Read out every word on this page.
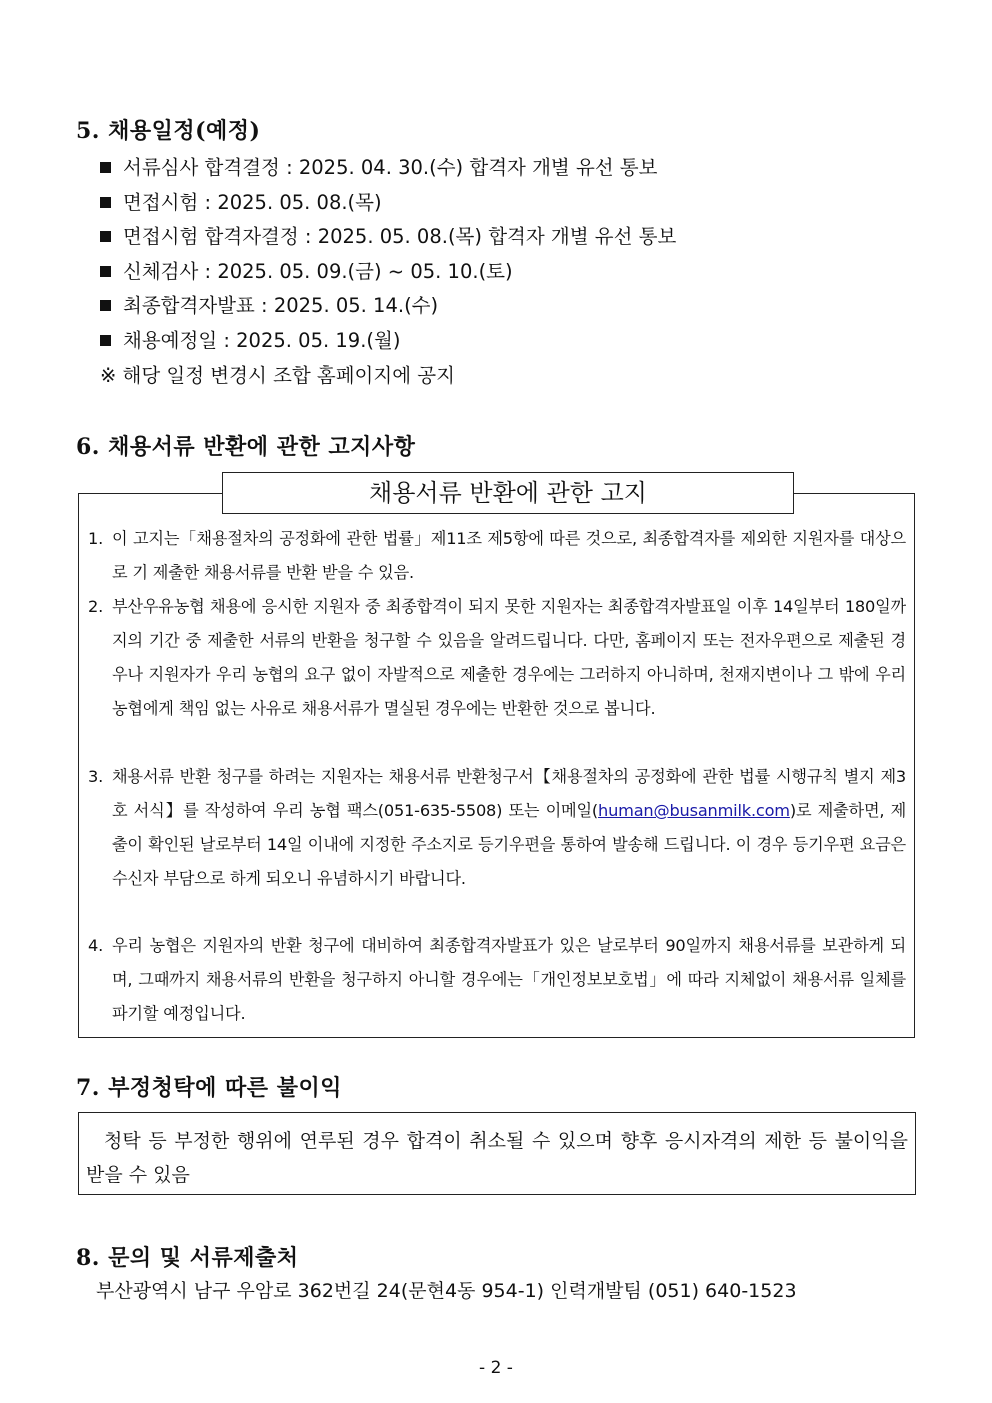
5. 채용일정(예정)
서류심사 합격결정 : 2025. 04. 30.(수) 합격자 개별 유선 통보
면접시험 : 2025. 05. 08.(목)
면접시험 합격자결정 : 2025. 05. 08.(목) 합격자 개별 유선 통보
신체검사 : 2025. 05. 09.(금) ~ 05. 10.(토)
최종합격자발표 : 2025. 05. 14.(수)
채용예정일 : 2025. 05. 19.(월)
※ 해당 일정 변경시 조합 홈페이지에 공지
6. 채용서류 반환에 관한 고지사항
채용서류 반환에 관한 고지
1. 이 고지는「채용절차의 공정화에 관한 법률」제11조 제5항에 따른 것으로, 최종합격자를 제외한 지원자를 대상으로 기 제출한 채용서류를 반환 받을 수 있음.
2. 부산우유농협 채용에 응시한 지원자 중 최종합격이 되지 못한 지원자는 최종합격자발표일 이후 14일부터 180일까지의 기간 중 제출한 서류의 반환을 청구할 수 있음을 알려드립니다. 다만, 홈페이지 또는 전자우편으로 제출된 경우나 지원자가 우리 농협의 요구 없이 자발적으로 제출한 경우에는 그러하지 아니하며, 천재지변이나 그 밖에 우리 농협에게 책임 없는 사유로 채용서류가 멸실된 경우에는 반환한 것으로 봅니다.
3. 채용서류 반환 청구를 하려는 지원자는 채용서류 반환청구서【채용절차의 공정화에 관한 법률 시행규칙 별지 제3호 서식】를 작성하여 우리 농협 팩스(051-635-5508) 또는 이메일(human@busanmilk.com)로 제출하면, 제출이 확인된 날로부터 14일 이내에 지정한 주소지로 등기우편을 통하여 발송해 드립니다. 이 경우 등기우편 요금은 수신자 부담으로 하게 되오니 유념하시기 바랍니다.
4. 우리 농협은 지원자의 반환 청구에 대비하여 최종합격자발표가 있은 날로부터 90일까지 채용서류를 보관하게 되며, 그때까지 채용서류의 반환을 청구하지 아니할 경우에는「개인정보보호법」에 따라 지체없이 채용서류 일체를 파기할 예정입니다.
7. 부정청탁에 따른 불이익
청탁 등 부정한 행위에 연루된 경우 합격이 취소될 수 있으며 향후 응시자격의 제한 등 불이익을 받을 수 있음
8. 문의 및 서류제출처
부산광역시 남구 우암로 362번길 24(문현4동 954-1) 인력개발팀 (051) 640-1523
- 2 -
